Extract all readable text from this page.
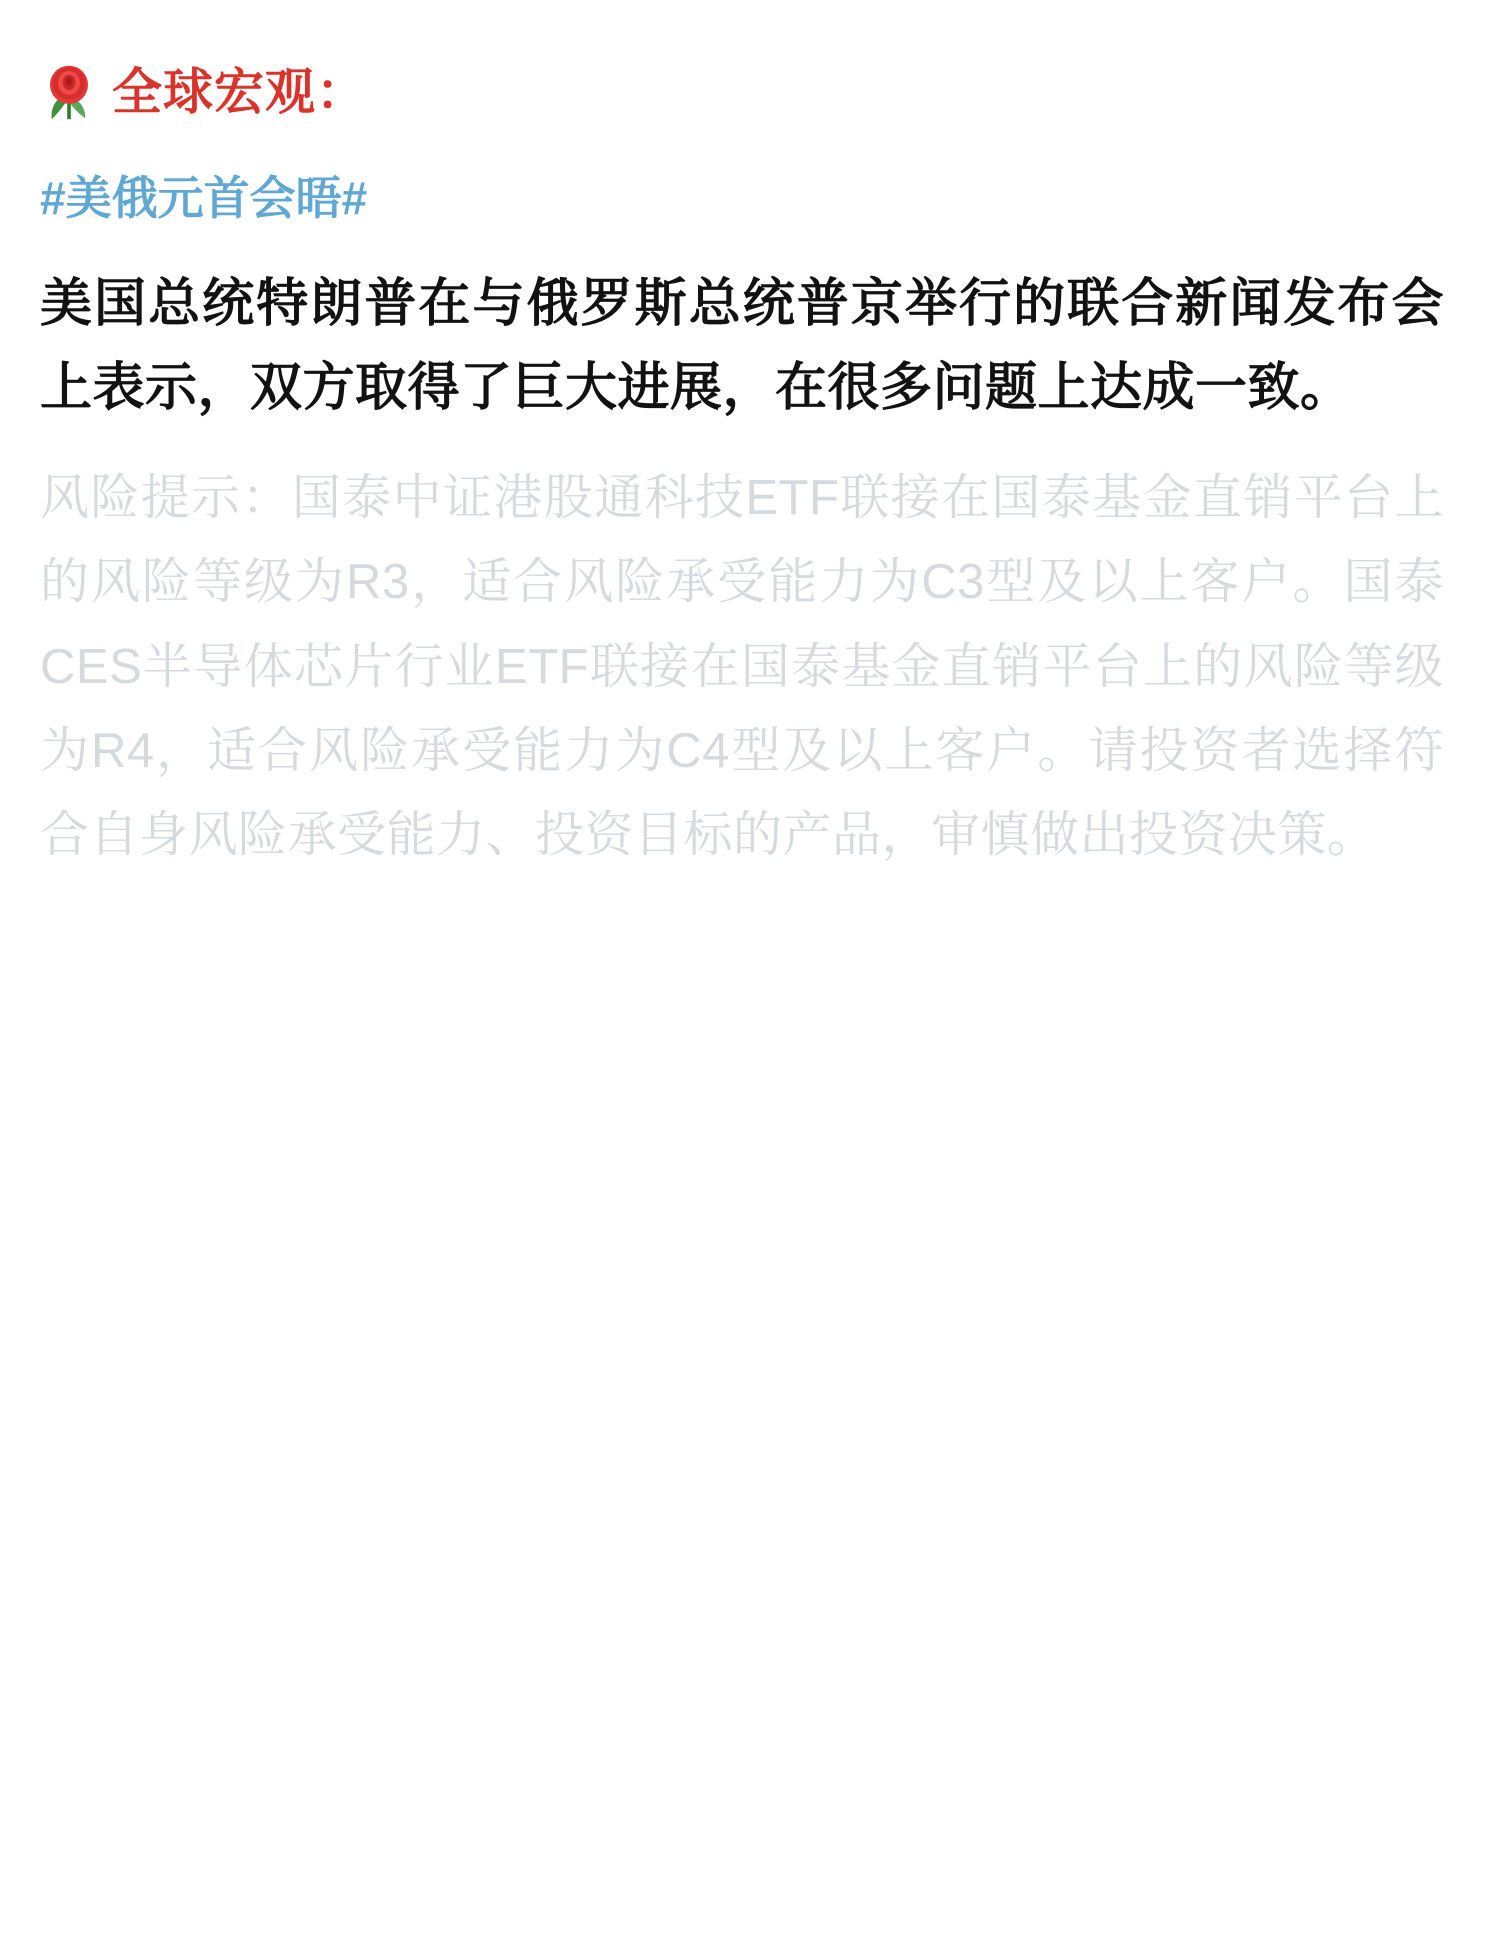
全球宏观：
#美俄元首会晤#

美国总统特朗普在与俄罗斯总统普京举行的联合新闻发布会上表示，双方取得了巨大进展，在很多问题上达成一致。

风险提示：国泰中证港股通科技ETF联接在国泰基金直销平台上的风险等级为R3，适合风险承受能力为C3型及以上客户。国泰CES半导体芯片行业ETF联接在国泰基金直销平台上的风险等级为R4，适合风险承受能力为C4型及以上客户。请投资者选择符合自身风险承受能力、投资目标的产品，审慎做出投资决策。
